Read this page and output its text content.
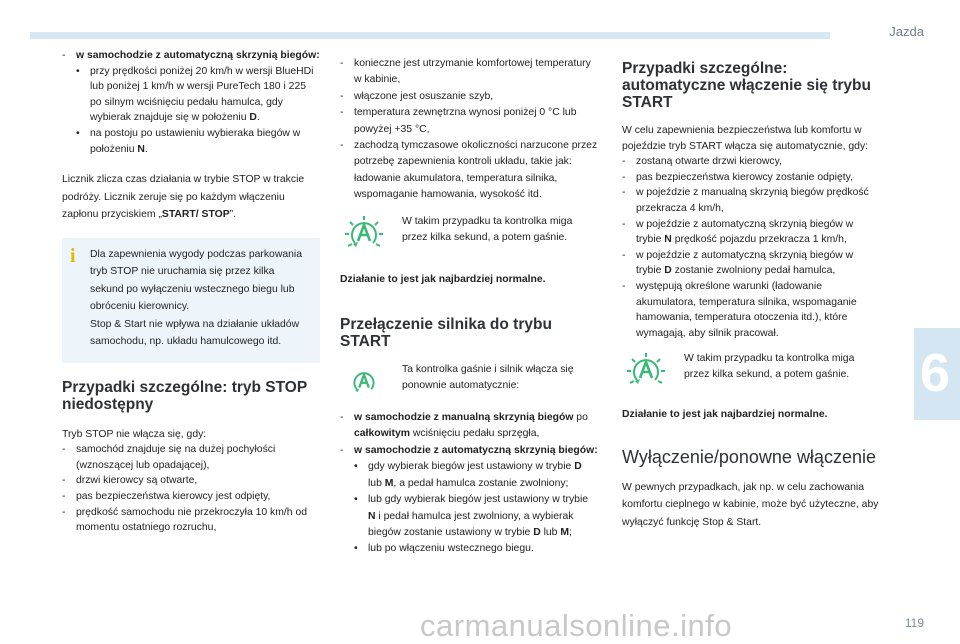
Jazda
6
119
carmanualsonline.info
- w samochodzie z automatyczną skrzynią biegów:
• przy prędkości poniżej 20 km/h w wersji BlueHDi lub poniżej 1 km/h w wersji PureTech 180 i 225 po silnym wciśnięciu pedału hamulca, gdy wybierak znajduje się w położeniu D.
• na postoju po ustawieniu wybieraka biegów w położeniu N.

Licznik zlicza czas działania w trybie STOP w trakcie podróży. Licznik zeruje się po każdym włączeniu zapłonu przyciskiem „START/ STOP”.

i Dla zapewnienia wygody podczas parkowania tryb STOP nie uruchamia się przez kilka sekund po wyłączeniu wstecznego biegu lub obróceniu kierownicy.

Stop & Start nie wpływa na działanie układów samochodu, np. układu hamulcowego itd.

Przypadki szczególne: tryb STOP niedostępny

Tryb STOP nie włącza się, gdy:

- samochód znajduje się na dużej pochyłości (wznoszącej lub opadającej),
- drzwi kierowcy są otwarte,
- pas bezpieczeństwa kierowcy jest odpięty,
- prędkość samochodu nie przekroczyła 10 km/h od momentu ostatniego rozruchu,
- konieczne jest utrzymanie komfortowej temperatury w kabinie,
- włączone jest osuszanie szyb,
- temperatura zewnętrzna wynosi poniżej 0 °C lub powyżej +35 °C,
- zachodzą tymczasowe okoliczności narzucone przez potrzebę zapewnienia kontroli układu, takie jak: ładowanie akumulatora, temperatura silnika, wspomaganie hamowania, wysokość itd.

W takim przypadku ta kontrolka miga przez kilka sekund, a potem gaśnie.

Działanie to jest jak najbardziej normalne.

Przełączenie silnika do trybu START

Ta kontrolka gaśnie i silnik włącza się ponownie automatycznie:

- w samochodzie z manualną skrzynią biegów po całkowitym wciśnięciu pedału sprzęgła,
- w samochodzie z automatyczną skrzynią biegów:
• gdy wybierak biegów jest ustawiony w trybie D lub M, a pedał hamulca zostanie zwolniony;
• lub gdy wybierak biegów jest ustawiony w trybie N i pedał hamulca jest zwolniony, a wybierak biegów zostanie ustawiony w trybie D lub M;
• lub po włączeniu wstecznego biegu.

Przypadki szczególne: automatyczne włączenie się trybu START

W celu zapewnienia bezpieczeństwa lub komfortu w pojeździe tryb START włącza się automatycznie, gdy:

- zostaną otwarte drzwi kierowcy,
- pas bezpieczeństwa kierowcy zostanie odpięty,
- w pojeździe z manualną skrzynią biegów prędkość przekracza 4 km/h,
- w pojeździe z automatyczną skrzynią biegów w trybie N prędkość pojazdu przekracza 1 km/h,
- w pojeździe z automatyczną skrzynią biegów w trybie D zostanie zwolniony pedał hamulca,
- występują określone warunki (ładowanie akumulatora, temperatura silnika, wspomaganie hamowania, temperatura otoczenia itd.), które wymagają, aby silnik pracował.

W takim przypadku ta kontrolka miga przez kilka sekund, a potem gaśnie.

Działanie to jest jak najbardziej normalne.

Wyłączenie/ponowne włączenie

W pewnych przypadkach, jak np. w celu zachowania komfortu cieplnego w kabinie, może być użyteczne, aby wyłączyć funkcję Stop & Start.
